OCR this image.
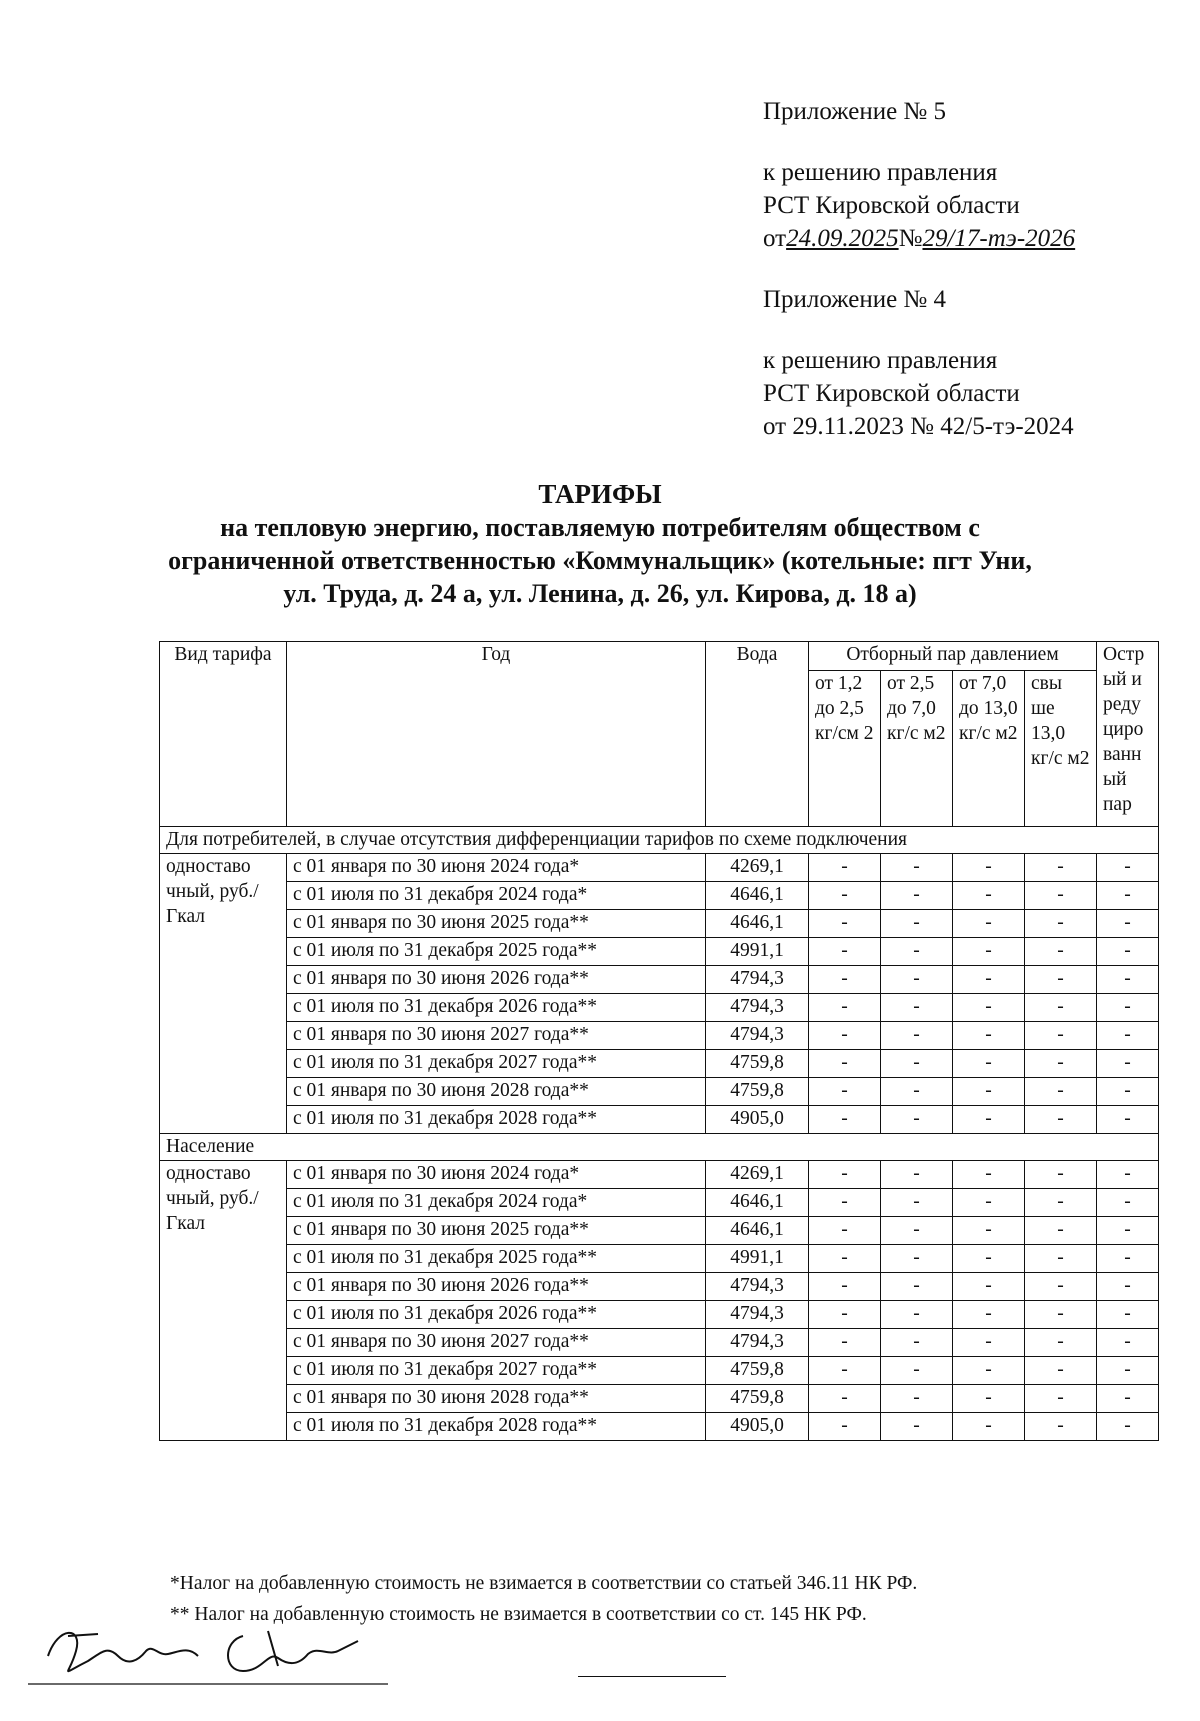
Приложение № 5
к решению правления
РСТ Кировской области
от24.09.2025№29/17-тэ-2026
Приложение № 4
к решению правления
РСТ Кировской области
от 29.11.2023 № 42/5-тэ-2024
ТАРИФЫ
на тепловую энергию, поставляемую потребителям обществом с
ограниченной ответственностью «Коммунальщик» (котельные: пгт Уни,
ул. Труда, д. 24 а, ул. Ленина, д. 26, ул. Кирова, д. 18 а)
Вид тарифа	Год	Вода	Отборный пар давлением				Остр ый и реду циро ванн ый пар
			от 1,2 до 2,5 кг/см 2	от 2,5 до 7,0 кг/с м2	от 7,0 до 13,0 кг/с м2	свы ше 13,0 кг/с м2	
Для потребителей, в случае отсутствия дифференциации тарифов по схеме подключения							
одноставо чный, руб./Гкал	с 01 января по 30 июня 2024 года*	4269,1	-	-	-	-	-
	с 01 июля по 31 декабря 2024 года*	4646,1	-	-	-	-	-
	с 01 января по 30 июня 2025 года**	4646,1	-	-	-	-	-
	с 01 июля по 31 декабря 2025 года**	4991,1	-	-	-	-	-
	с 01 января по 30 июня 2026 года**	4794,3	-	-	-	-	-
	с 01 июля по 31 декабря 2026 года**	4794,3	-	-	-	-	-
	с 01 января по 30 июня 2027 года**	4794,3	-	-	-	-	-
	с 01 июля по 31 декабря 2027 года**	4759,8	-	-	-	-	-
	с 01 января по 30 июня 2028 года**	4759,8	-	-	-	-	-
	с 01 июля по 31 декабря 2028 года**	4905,0	-	-	-	-	-
Население							
одноставо чный, руб./Гкал	с 01 января по 30 июня 2024 года*	4269,1	-	-	-	-	-
	с 01 июля по 31 декабря 2024 года*	4646,1	-	-	-	-	-
	с 01 января по 30 июня 2025 года**	4646,1	-	-	-	-	-
	с 01 июля по 31 декабря 2025 года**	4991,1	-	-	-	-	-
	с 01 января по 30 июня 2026 года**	4794,3	-	-	-	-	-
	с 01 июля по 31 декабря 2026 года**	4794,3	-	-	-	-	-
	с 01 января по 30 июня 2027 года**	4794,3	-	-	-	-	-
	с 01 июля по 31 декабря 2027 года**	4759,8	-	-	-	-	-
	с 01 января по 30 июня 2028 года**	4759,8	-	-	-	-	-
	с 01 июля по 31 декабря 2028 года**	4905,0	-	-	-	-	-
*Налог на добавленную стоимость не взимается в соответствии со статьей 346.11 НК РФ.
** Налог на добавленную стоимость не взимается в соответствии со ст. 145 НК РФ.
